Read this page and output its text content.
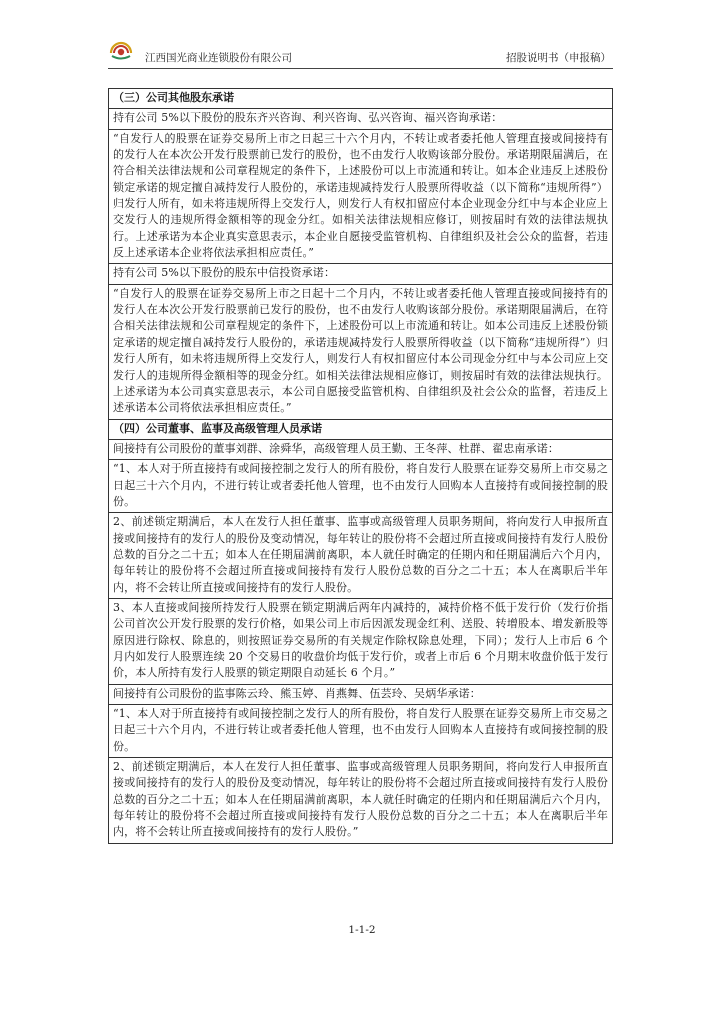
江西国光商业连锁股份有限公司	招股说明书（申报稿）
（三）公司其他股东承诺
持有公司 5%以下股份的股东齐兴咨询、利兴咨询、弘兴咨询、福兴咨询承诺：
“自发行人的股票在证券交易所上市之日起三十六个月内，不转让或者委托他人管理直接或间接持有的发行人在本次公开发行股票前已发行的股份，也不由发行人收购该部分股份。承诺期限届满后，在符合相关法律法规和公司章程规定的条件下，上述股份可以上市流通和转让。如本企业违反上述股份锁定承诺的规定擅自减持发行人股份的，承诺违规减持发行人股票所得收益（以下简称“违规所得”）归发行人所有，如未将违规所得上交发行人，则发行人有权扣留应付本企业现金分红中与本企业应上交发行人的违规所得金额相等的现金分红。如相关法律法规相应修订，则按届时有效的法律法规执行。上述承诺为本企业真实意思表示，本企业自愿接受监管机构、自律组织及社会公众的监督，若违反上述承诺本企业将依法承担相应责任。”
持有公司 5%以下股份的股东中信投资承诺：
“自发行人的股票在证券交易所上市之日起十二个月内，不转让或者委托他人管理直接或间接持有的发行人在本次公开发行股票前已发行的股份，也不由发行人收购该部分股份。承诺期限届满后，在符合相关法律法规和公司章程规定的条件下，上述股份可以上市流通和转让。如本公司违反上述股份锁定承诺的规定擅自减持发行人股份的，承诺违规减持发行人股票所得收益（以下简称“违规所得”）归发行人所有，如未将违规所得上交发行人，则发行人有权扣留应付本公司现金分红中与本公司应上交发行人的违规所得金额相等的现金分红。如相关法律法规相应修订，则按届时有效的法律法规执行。上述承诺为本公司真实意思表示，本公司自愿接受监管机构、自律组织及社会公众的监督，若违反上述承诺本公司将依法承担相应责任。”
（四）公司董事、监事及高级管理人员承诺
间接持有公司股份的董事刘群、涂舜华，高级管理人员王勤、王冬萍、杜群、翟忠南承诺：
“1、本人对于所直接持有或间接控制之发行人的所有股份，将自发行人股票在证券交易所上市交易之日起三十六个月内，不进行转让或者委托他人管理，也不由发行人回购本人直接持有或间接控制的股份。
2、前述锁定期满后，本人在发行人担任董事、监事或高级管理人员职务期间，将向发行人申报所直接或间接持有的发行人的股份及变动情况，每年转让的股份将不会超过所直接或间接持有发行人股份总数的百分之二十五；如本人在任期届满前离职，本人就任时确定的任期内和任期届满后六个月内，每年转让的股份将不会超过所直接或间接持有发行人股份总数的百分之二十五；本人在离职后半年内，将不会转让所直接或间接持有的发行人股份。
3、本人直接或间接所持发行人股票在锁定期满后两年内减持的，减持价格不低于发行价（发行价指公司首次公开发行股票的发行价格，如果公司上市后因派发现金红利、送股、转增股本、增发新股等原因进行除权、除息的，则按照证券交易所的有关规定作除权除息处理，下同）；发行人上市后 6 个月内如发行人股票连续 20 个交易日的收盘价均低于发行价，或者上市后 6 个月期末收盘价低于发行价，本人所持有发行人股票的锁定期限自动延长 6 个月。”
间接持有公司股份的监事陈云玲、熊玉婷、肖燕舞、伍芸玲、吴炳华承诺：
“1、本人对于所直接持有或间接控制之发行人的所有股份，将自发行人股票在证券交易所上市交易之日起三十六个月内，不进行转让或者委托他人管理，也不由发行人回购本人直接持有或间接控制的股份。
2、前述锁定期满后，本人在发行人担任董事、监事或高级管理人员职务期间，将向发行人申报所直接或间接持有的发行人的股份及变动情况，每年转让的股份将不会超过所直接或间接持有发行人股份总数的百分之二十五；如本人在任期届满前离职，本人就任时确定的任期内和任期届满后六个月内，每年转让的股份将不会超过所直接或间接持有发行人股份总数的百分之二十五；本人在离职后半年内，将不会转让所直接或间接持有的发行人股份。”
1-1-2
